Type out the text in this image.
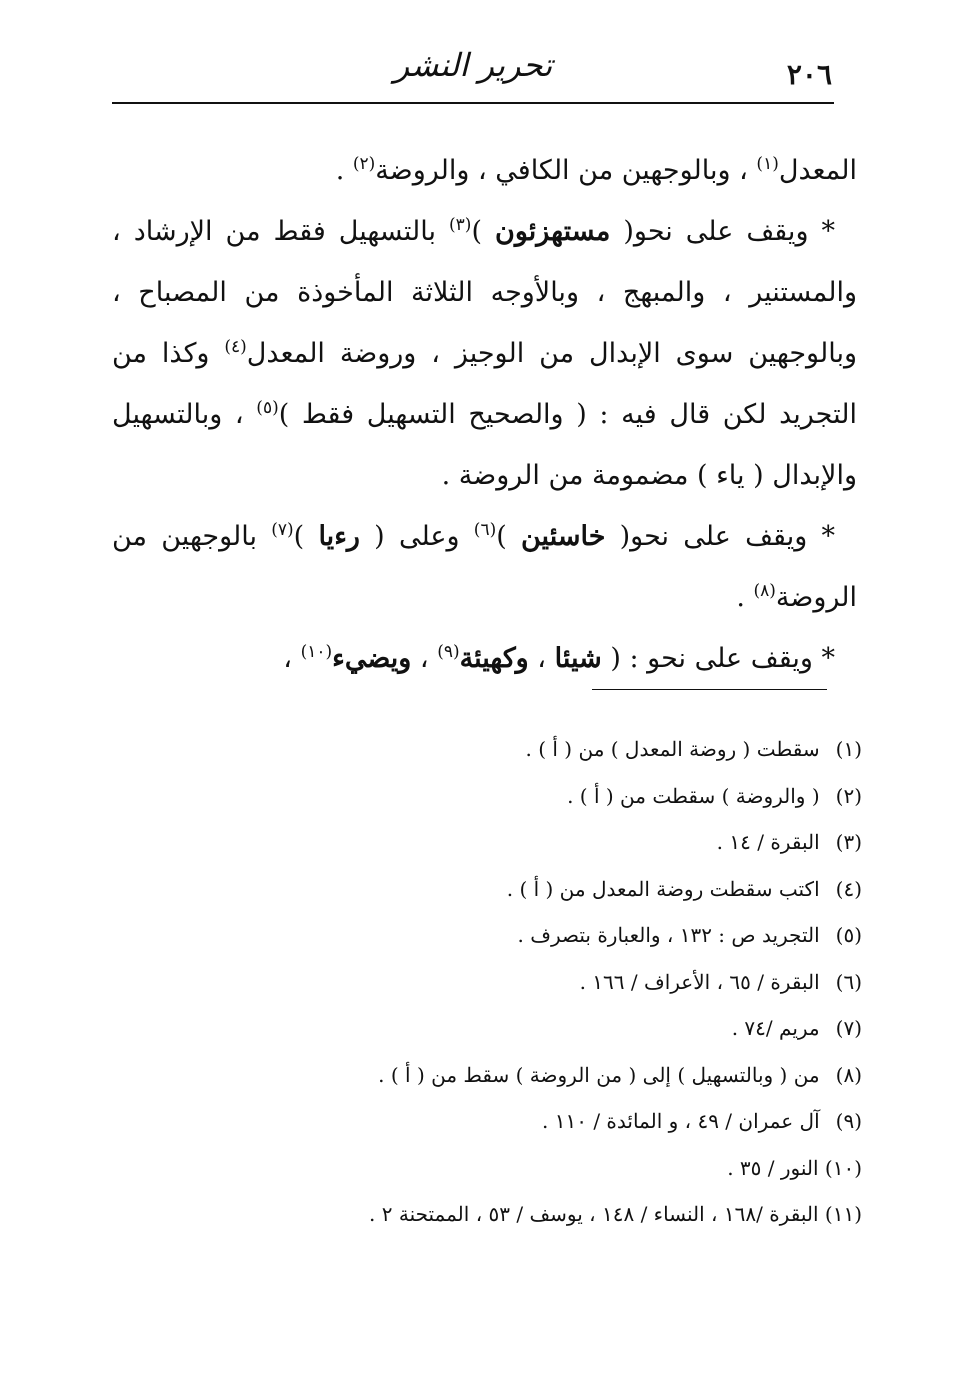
٢٠٦
تحرير النشر

المعدل$^{(١)}$ ، وبالوجهين من الكافي ، والروضة$^{(٢)}$ .

* ويقف على نحو( مستهزئون )$^{(٣)}$ بالتسهيل فقط من الإرشاد ، والمستنير ، والمبهج ، وبالأوجه الثلاثة المأخوذة من المصباح ، وبالوجهين سوى الإبدال من الوجيز ، وروضة المعدل$^{(٤)}$ وكذا من التجريد لكن قال فيه : ( والصحيح التسهيل فقط )$^{(٥)}$ ، وبالتسهيل والإبدال ( ياء ) مضمومة من الروضة .

* ويقف على نحو( خاسئين )$^{(٦)}$ وعلى ( رءيا )$^{(٧)}$ بالوجهين من الروضة$^{(٨)}$ .

* ويقف على نحو : ( شيئا ، وكهيئة$^{(٩)}$ ، ويضيء$^{(١٠)}$ ،

(١) سقطت ( روضة المعدل ) من ( أ ) .
(٢) ( والروضة ) سقطت من ( أ ) .
(٣) البقرة / ١٤ .
(٤) اكتب سقطت روضة المعدل من ( أ ) .
(٥) التجريد ص : ١٣٢ ، والعبارة بتصرف .
(٦) البقرة / ٦٥ ، الأعراف / ١٦٦ .
(٧) مريم /٧٤ .
(٨) من ( وبالتسهيل ) إلى ( من الروضة ) سقط من ( أ ) .
(٩) آل عمران / ٤٩ ، و المائدة / ١١٠ .
(١٠) النور / ٣٥ .
(١١) البقرة /١٦٨ ، النساء / ١٤٨ ، يوسف / ٥٣ ، الممتحنة ٢ .
